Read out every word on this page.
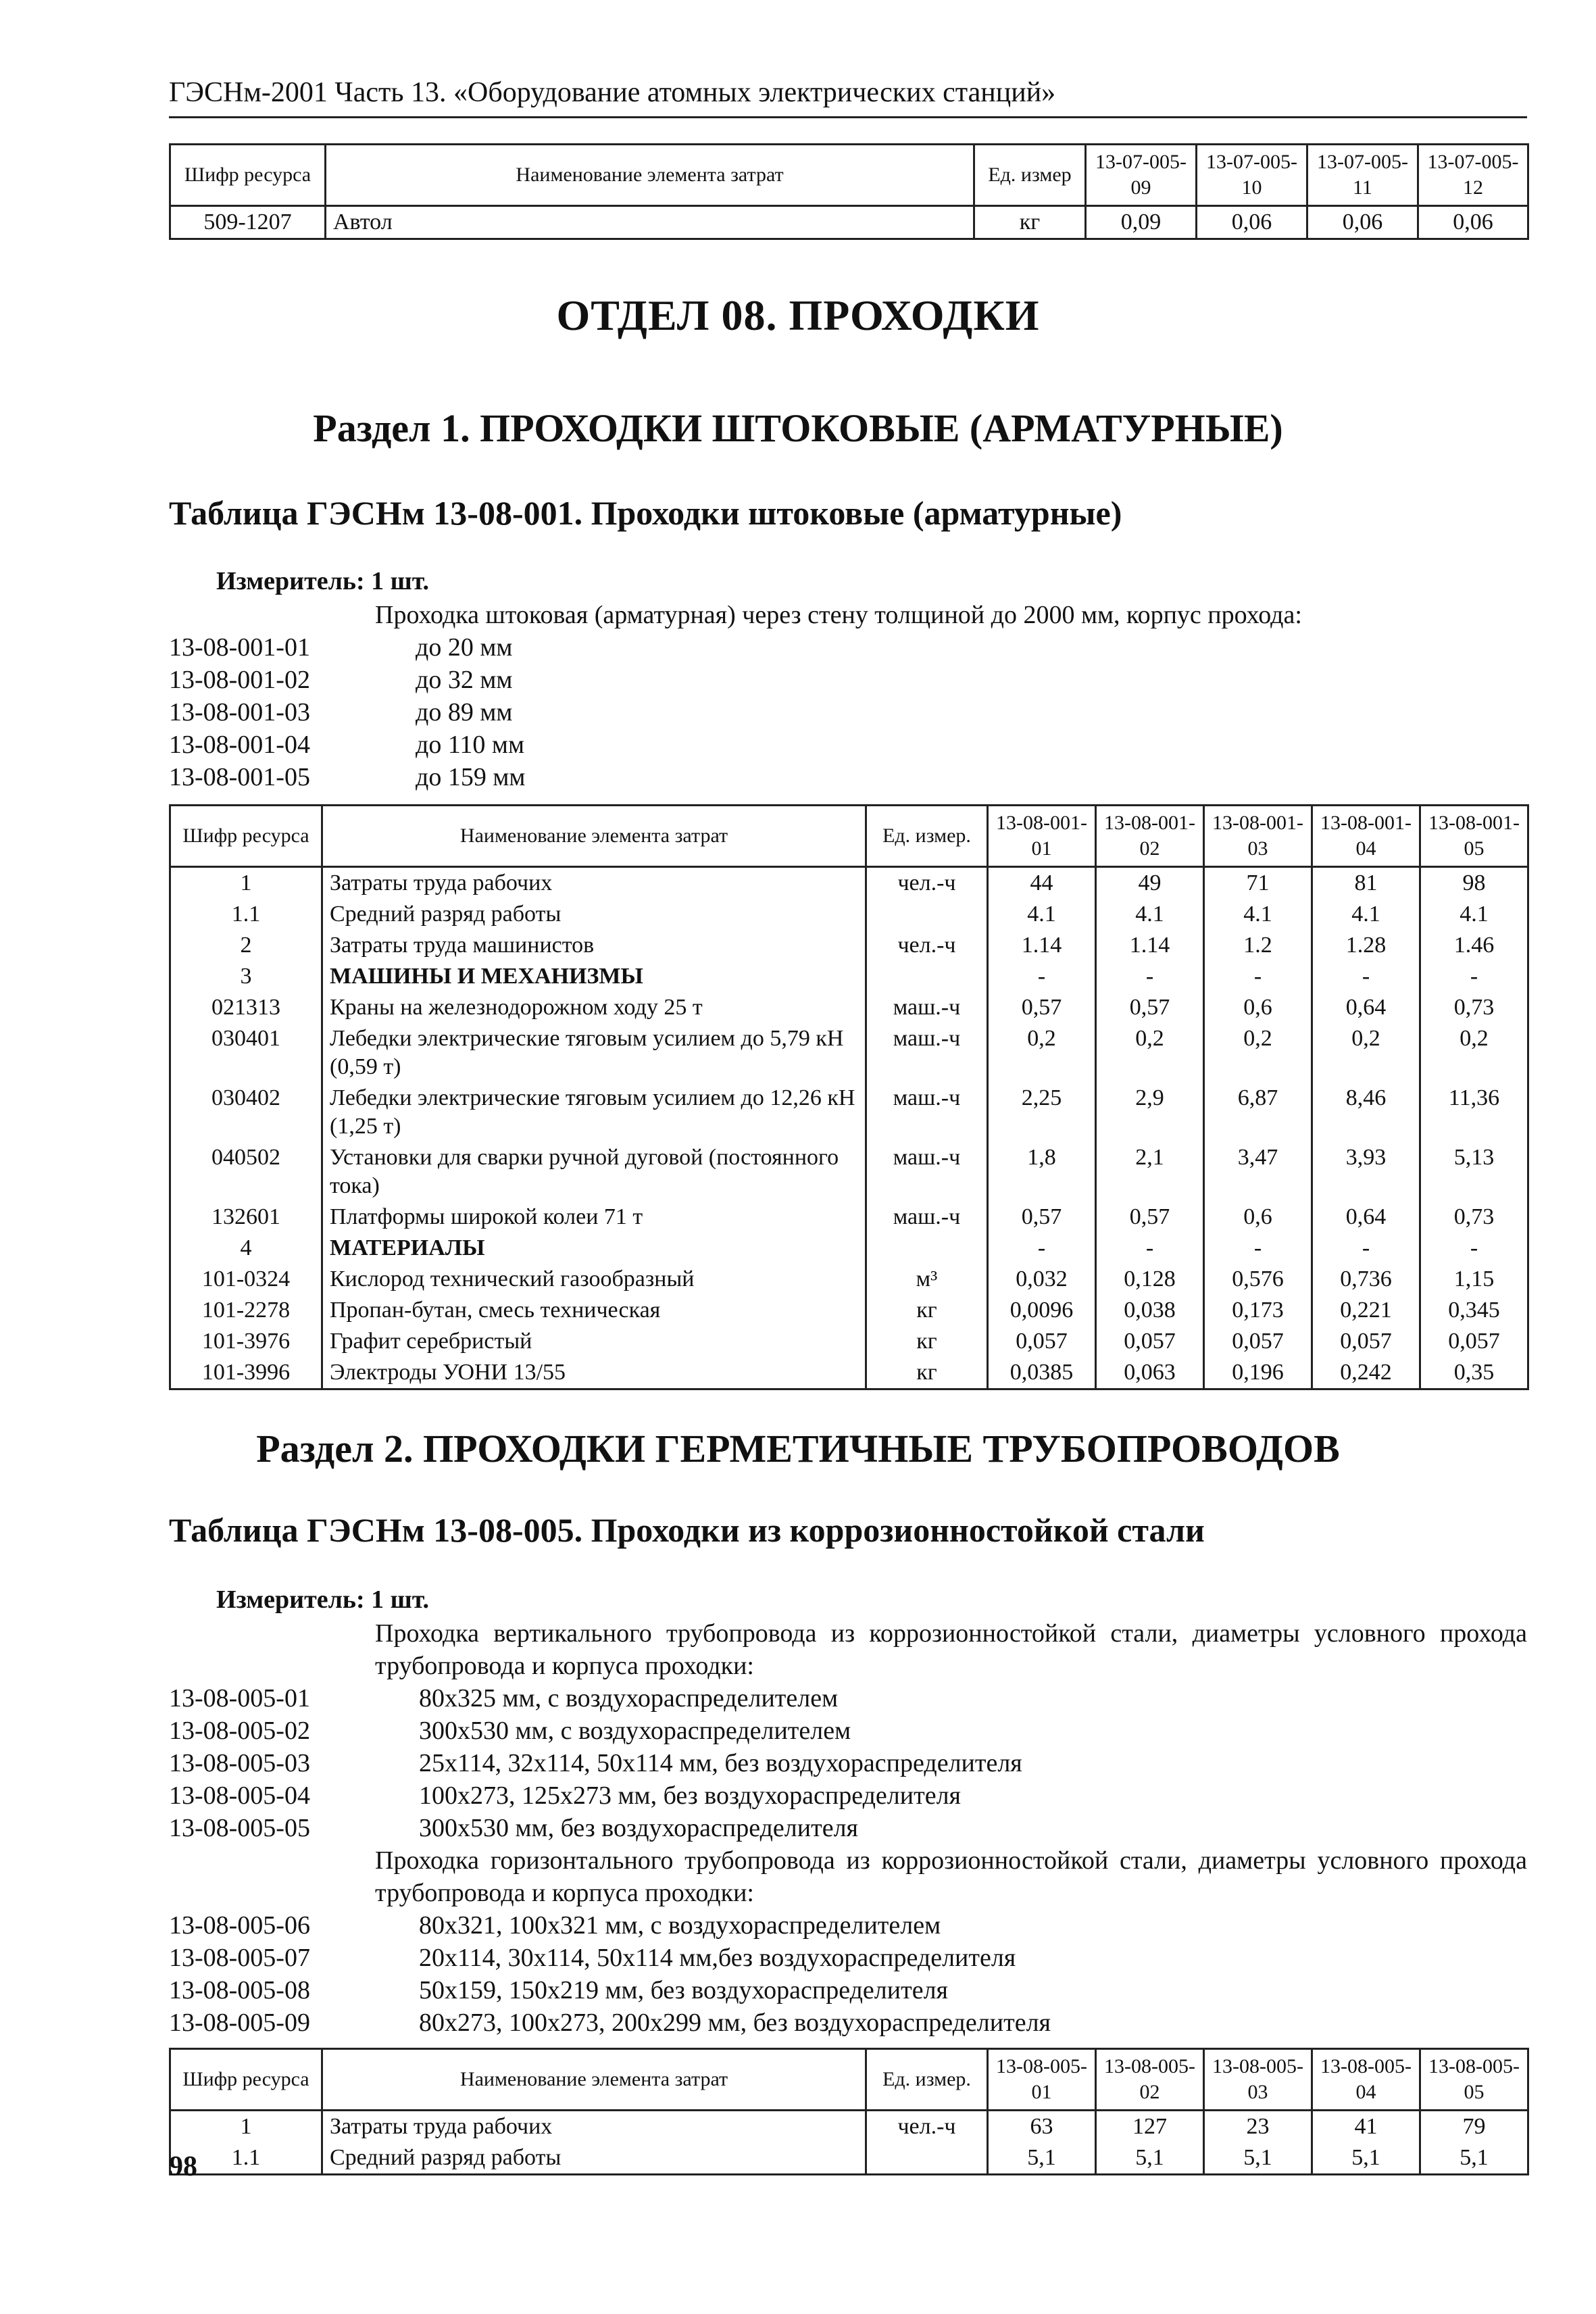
ГЭСНм-2001 Часть 13. «Оборудование атомных электрических станций»
Шифр ресурса	Наименование элемента затрат	Ед. измер	13-07-005-09	13-07-005-10	13-07-005-11	13-07-005-12
509-1207	Автол	кг	0,09	0,06	0,06	0,06
ОТДЕЛ 08. ПРОХОДКИ
Раздел 1. ПРОХОДКИ ШТОКОВЫЕ (АРМАТУРНЫЕ)
Таблица ГЭСНм 13-08-001. Проходки штоковые (арматурные)
Измеритель: 1 шт.
Проходка штоковая (арматурная) через стену толщиной до 2000 мм, корпус прохода:
13-08-001-01	до 20 мм
13-08-001-02	до 32 мм
13-08-001-03	до 89 мм
13-08-001-04	до 110 мм
13-08-001-05	до 159 мм
Шифр ресурса	Наименование элемента затрат	Ед. измер.	13-08-001-01	13-08-001-02	13-08-001-03	13-08-001-04	13-08-001-05
1	Затраты труда рабочих	чел.-ч	44	49	71	81	98
1.1	Средний разряд работы		4.1	4.1	4.1	4.1	4.1
2	Затраты труда машинистов	чел.-ч	1.14	1.14	1.2	1.28	1.46
3	МАШИНЫ И МЕХАНИЗМЫ		-	-	-	-	-
021313	Краны на железнодорожном ходу 25 т	маш.-ч	0,57	0,57	0,6	0,64	0,73
030401	Лебедки электрические тяговым усилием до 5,79 кН (0,59 т)	маш.-ч	0,2	0,2	0,2	0,2	0,2
030402	Лебедки электрические тяговым усилием до 12,26 кН (1,25 т)	маш.-ч	2,25	2,9	6,87	8,46	11,36
040502	Установки для сварки ручной дуговой (постоянного тока)	маш.-ч	1,8	2,1	3,47	3,93	5,13
132601	Платформы широкой колеи 71 т	маш.-ч	0,57	0,57	0,6	0,64	0,73
4	МАТЕРИАЛЫ		-	-	-	-	-
101-0324	Кислород технический газообразный	м³	0,032	0,128	0,576	0,736	1,15
101-2278	Пропан-бутан, смесь техническая	кг	0,0096	0,038	0,173	0,221	0,345
101-3976	Графит серебристый	кг	0,057	0,057	0,057	0,057	0,057
101-3996	Электроды УОНИ 13/55	кг	0,0385	0,063	0,196	0,242	0,35
Раздел 2. ПРОХОДКИ ГЕРМЕТИЧНЫЕ ТРУБОПРОВОДОВ
Таблица ГЭСНм 13-08-005. Проходки из коррозионностойкой стали
Измеритель: 1 шт.
Проходка вертикального трубопровода из коррозионностойкой стали, диаметры условного прохода трубопровода и корпуса проходки:
13-08-005-01	80х325 мм, с воздухораспределителем
13-08-005-02	300х530 мм, с воздухораспределителем
13-08-005-03	25х114, 32х114, 50х114 мм, без воздухораспределителя
13-08-005-04	100х273, 125х273 мм, без воздухораспределителя
13-08-005-05	300х530 мм, без воздухораспределителя
Проходка горизонтального трубопровода из коррозионностойкой стали, диаметры условного прохода трубопровода и корпуса проходки:
13-08-005-06	80х321, 100х321 мм, с воздухораспределителем
13-08-005-07	20х114, 30х114, 50х114 мм,без воздухораспределителя
13-08-005-08	50х159, 150х219 мм, без воздухораспределителя
13-08-005-09	80х273, 100х273, 200х299 мм, без воздухораспределителя
Шифр ресурса	Наименование элемента затрат	Ед. измер.	13-08-005-01	13-08-005-02	13-08-005-03	13-08-005-04	13-08-005-05
1	Затраты труда рабочих	чел.-ч	63	127	23	41	79
1.1	Средний разряд работы		5,1	5,1	5,1	5,1	5,1
98
